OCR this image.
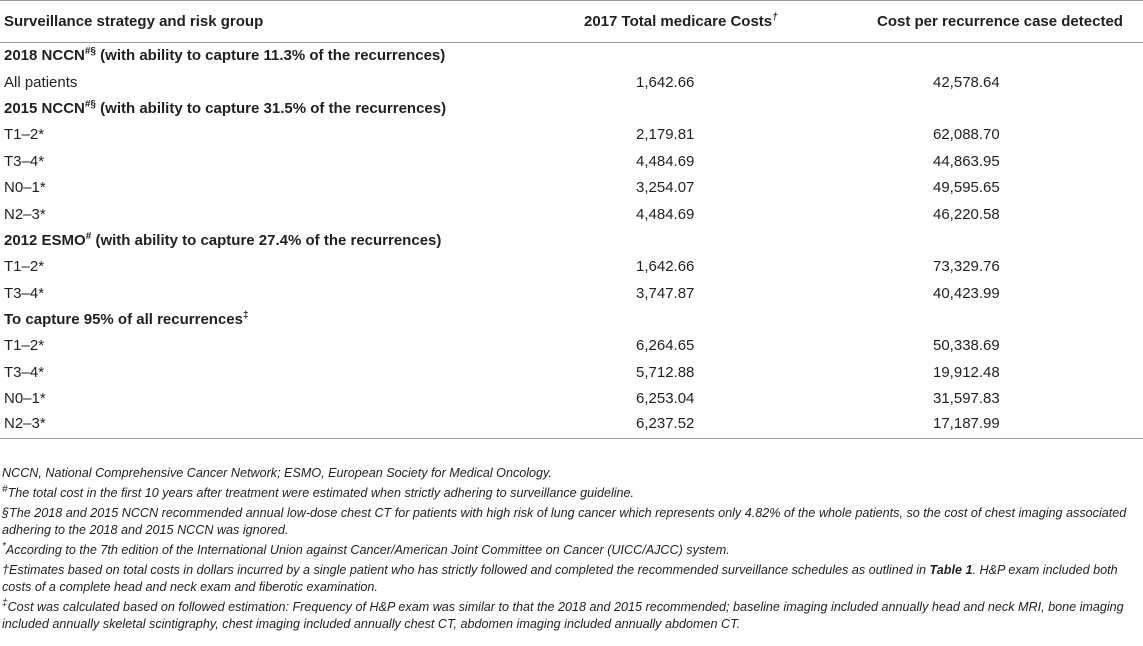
Surveillance strategy and risk group	2017 Total medicare Costs†	Cost per recurrence case detected
2018 NCCN#§ (with ability to capture 11.3% of the recurrences)		
All patients	1,642.66	42,578.64
2015 NCCN#§ (with ability to capture 31.5% of the recurrences)		
T1–2*	2,179.81	62,088.70
T3–4*	4,484.69	44,863.95
N0–1*	3,254.07	49,595.65
N2–3*	4,484.69	46,220.58
2012 ESMO# (with ability to capture 27.4% of the recurrences)		
T1–2*	1,642.66	73,329.76
T3–4*	3,747.87	40,423.99
To capture 95% of all recurrences‡
T1–2*	6,264.65	50,338.69
T3–4*	5,712.88	19,912.48
N0–1*	6,253.04	31,597.83
N2–3*	6,237.52	17,187.99

NCCN, National Comprehensive Cancer Network; ESMO, European Society for Medical Oncology.

#The total cost in the first 10 years after treatment were estimated when strictly adhering to surveillance guideline.

§The 2018 and 2015 NCCN recommended annual low-dose chest CT for patients with high risk of lung cancer which represents only 4.82% of the whole patients, so the cost of chest imaging associated adhering to the 2018 and 2015 NCCN was ignored.

*According to the 7th edition of the International Union against Cancer/American Joint Committee on Cancer (UICC/AJCC) system.

†Estimates based on total costs in dollars incurred by a single patient who has strictly followed and completed the recommended surveillance schedules as outlined in Table 1. H&P exam included both costs of a complete head and neck exam and fiberotic examination.

‡Cost was calculated based on followed estimation: Frequency of H&P exam was similar to that the 2018 and 2015 recommended; baseline imaging included annually head and neck MRI, bone imaging included annually skeletal scintigraphy, chest imaging included annually chest CT, abdomen imaging included annually abdomen CT.
